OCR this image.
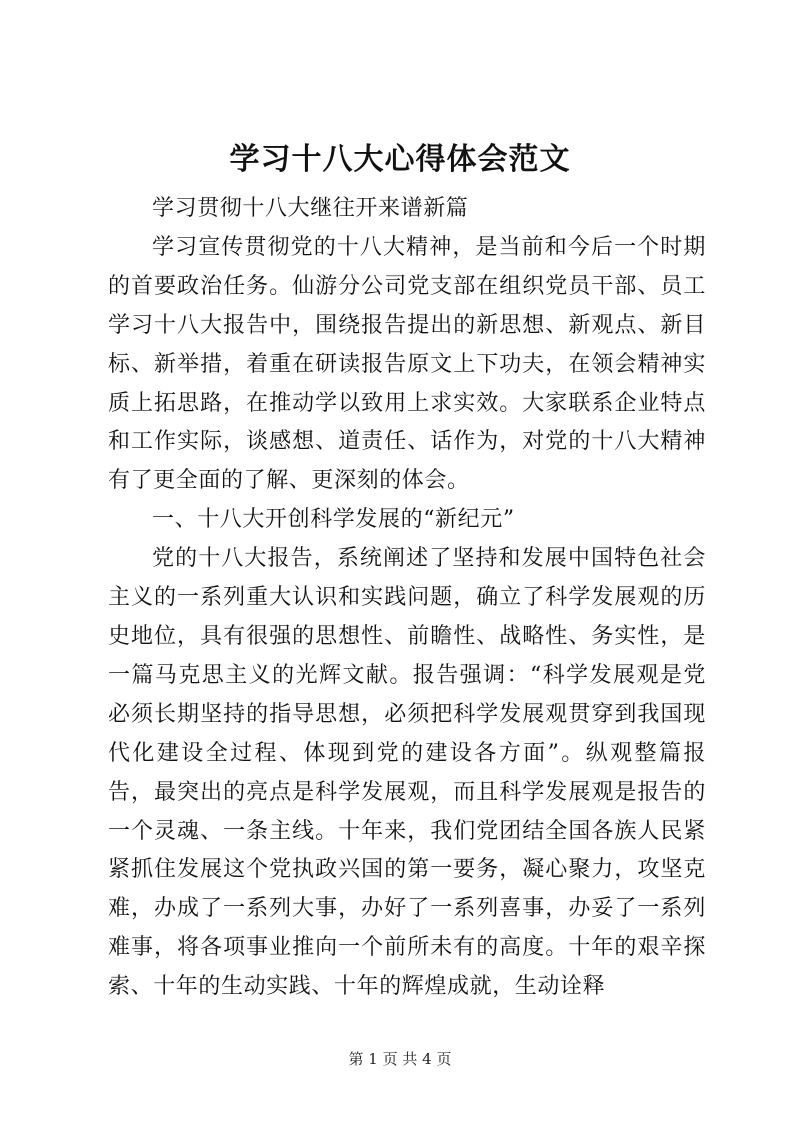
学习十八大心得体会范文

学习贯彻十八大继往开来谱新篇

学习宣传贯彻党的十八大精神，是当前和今后一个时期的首要政治任务。仙游分公司党支部在组织党员干部、员工学习十八大报告中，围绕报告提出的新思想、新观点、新目标、新举措，着重在研读报告原文上下功夫，在领会精神实质上拓思路，在推动学以致用上求实效。大家联系企业特点和工作实际，谈感想、道责任、话作为，对党的十八大精神有了更全面的了解、更深刻的体会。

一、十八大开创科学发展的“新纪元”

党的十八大报告，系统阐述了坚持和发展中国特色社会主义的一系列重大认识和实践问题，确立了科学发展观的历史地位，具有很强的思想性、前瞻性、战略性、务实性，是一篇马克思主义的光辉文献。报告强调：“科学发展观是党必须长期坚持的指导思想，必须把科学发展观贯穿到我国现代化建设全过程、体现到党的建设各方面”。纵观整篇报告，最突出的亮点是科学发展观，而且科学发展观是报告的一个灵魂、一条主线。十年来，我们党团结全国各族人民紧紧抓住发展这个党执政兴国的第一要务，凝心聚力，攻坚克难，办成了一系列大事，办好了一系列喜事，办妥了一系列难事，将各项事业推向一个前所未有的高度。十年的艰辛探索、十年的生动实践、十年的辉煌成就，生动诠释

第 1 页 共 4 页
